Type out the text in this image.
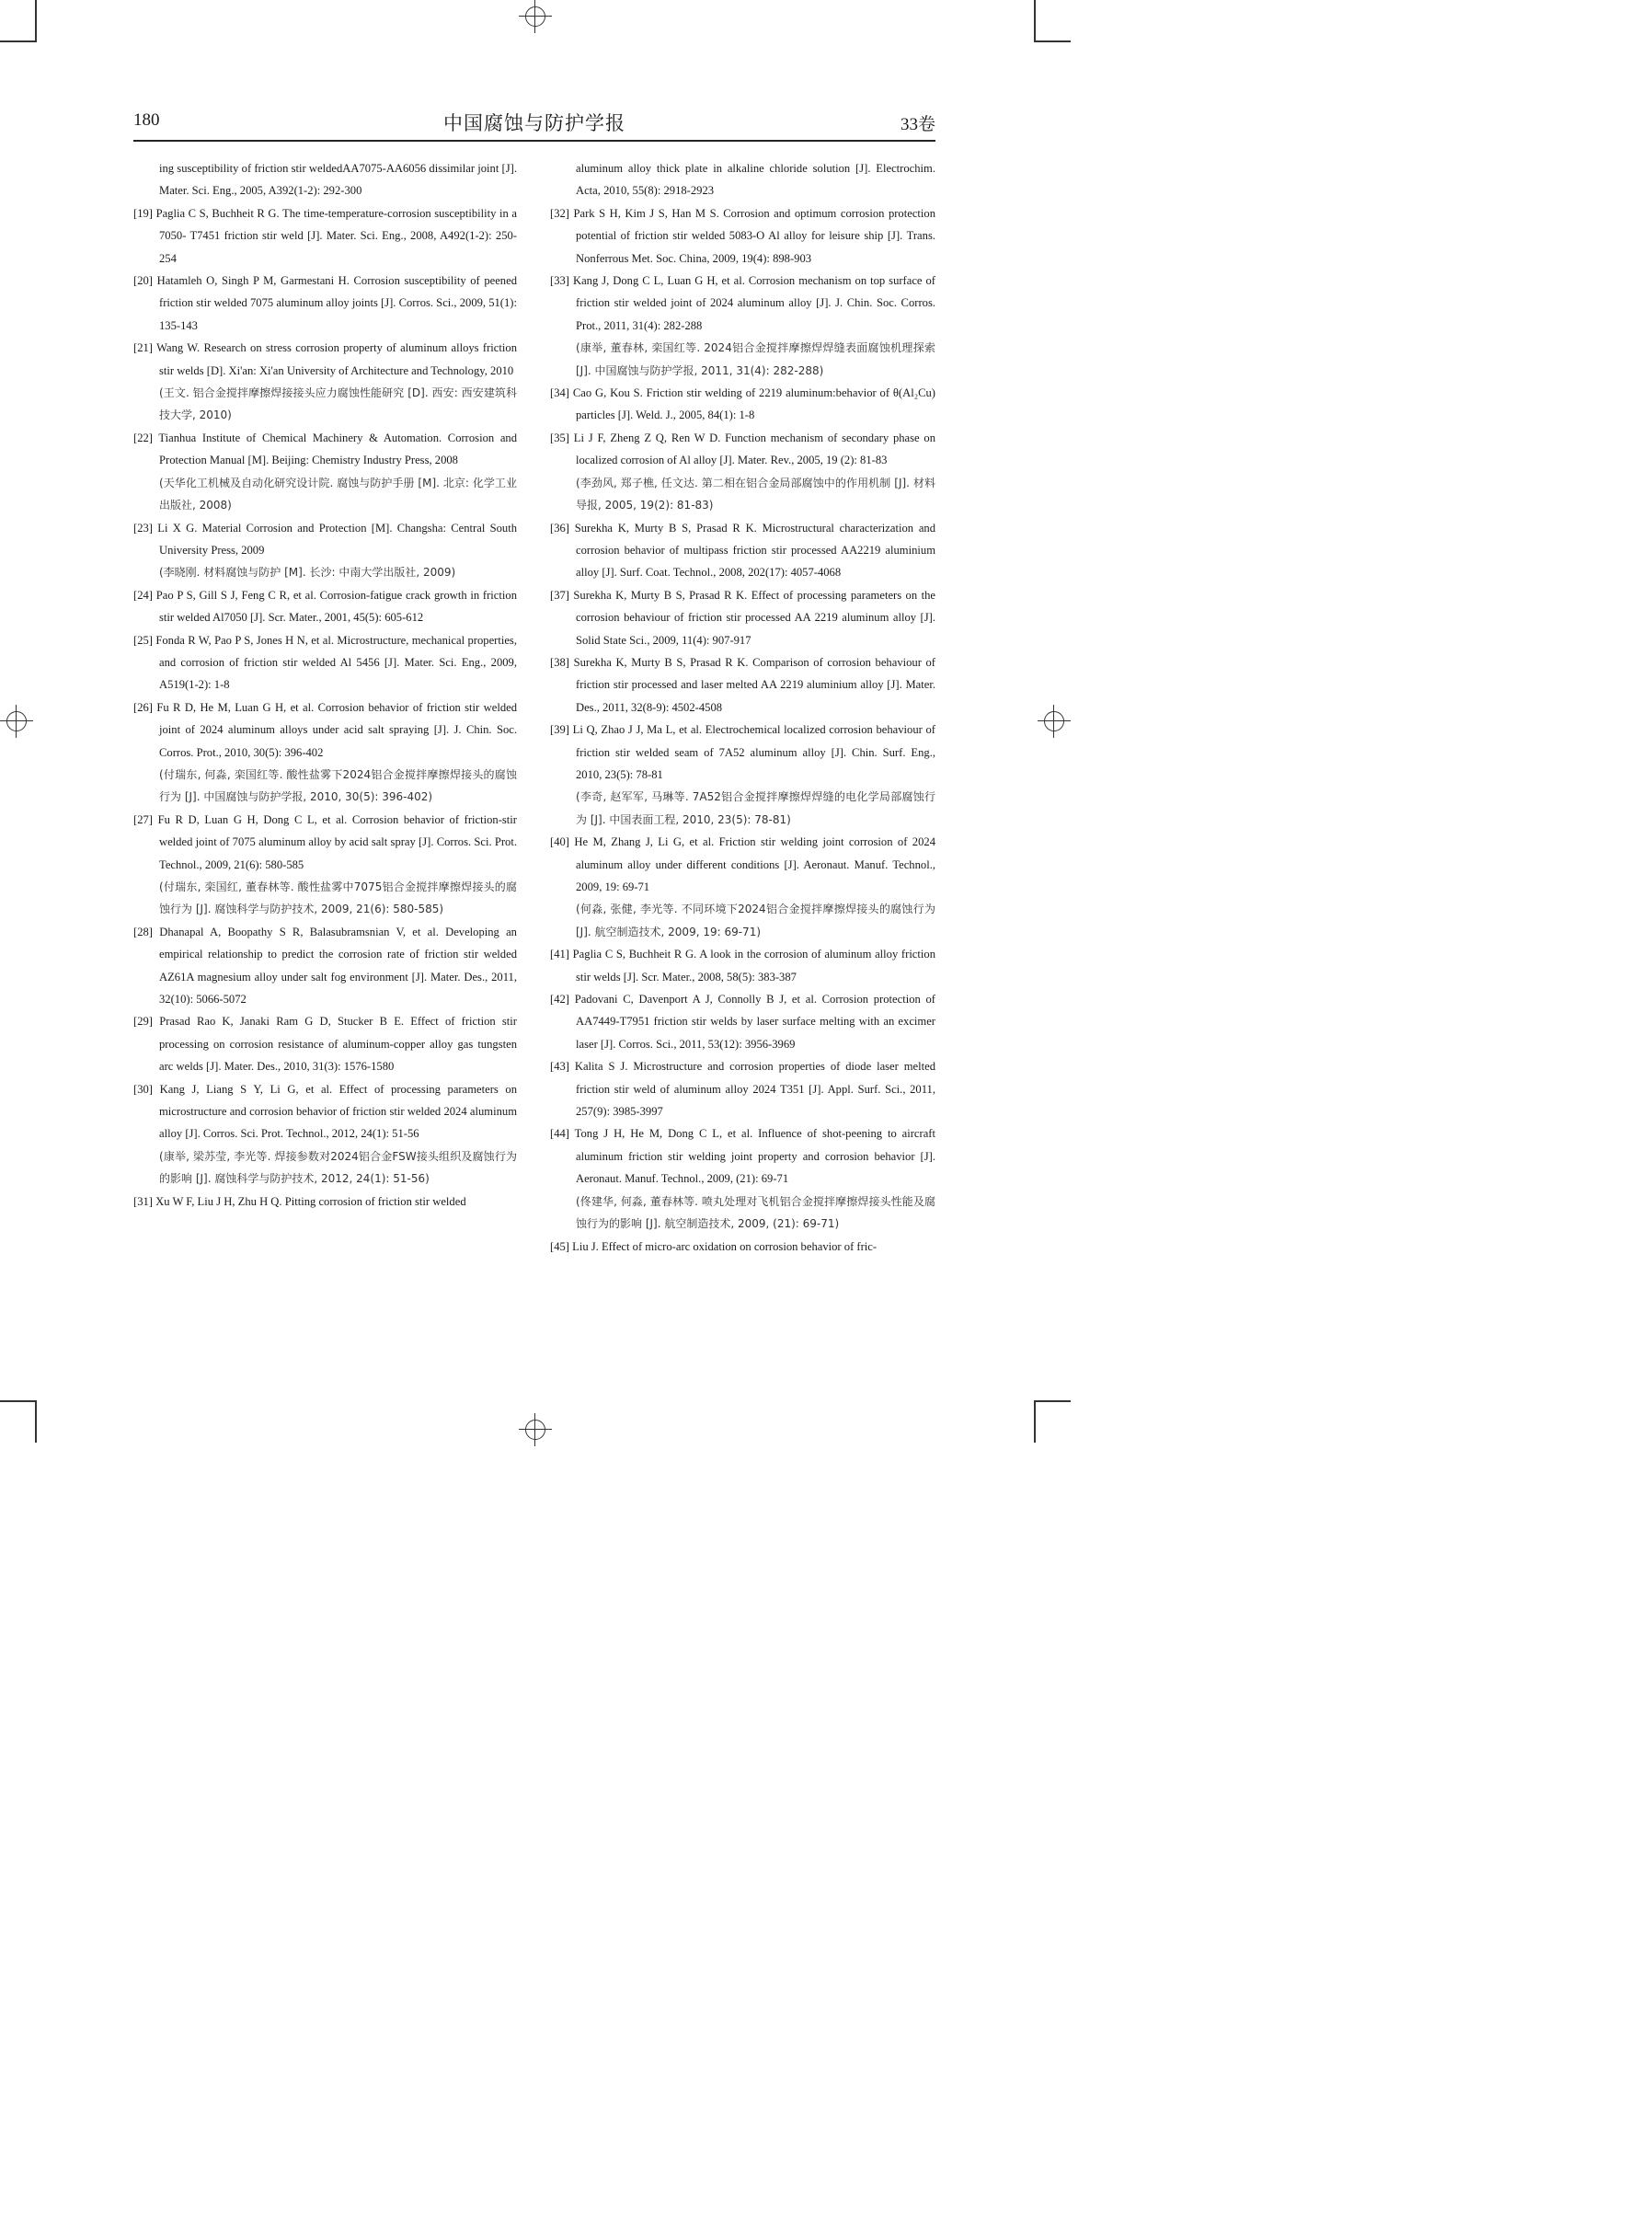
180	中国腐蚀与防护学报	33卷
ing susceptibility of friction stir weldedAA7075-AA6056 dissimilar joint [J]. Mater. Sci. Eng., 2005, A392(1-2): 292-300
[19] Paglia C S, Buchheit R G. The time-temperature-corrosion susceptibility in a 7050- T7451 friction stir weld [J]. Mater. Sci. Eng., 2008, A492(1-2): 250-254
[20] Hatamleh O, Singh P M, Garmestani H. Corrosion susceptibility of peened friction stir welded 7075 aluminum alloy joints [J]. Corros. Sci., 2009, 51(1): 135-143
[21] Wang W. Research on stress corrosion property of aluminum alloys friction stir welds [D]. Xi'an: Xi'an University of Architecture and Technology, 2010
(王文. 铝合金搅拌摩擦焊接接头应力腐蚀性能研究 [D]. 西安: 西安建筑科技大学, 2010)
[22] Tianhua Institute of Chemical Machinery & Automation. Corrosion and Protection Manual [M]. Beijing: Chemistry Industry Press, 2008
(天华化工机械及自动化研究设计院. 腐蚀与防护手册 [M]. 北京: 化学工业出版社, 2008)
[23] Li X G. Material Corrosion and Protection [M]. Changsha: Central South University Press, 2009
(李晓刚. 材料腐蚀与防护 [M]. 长沙: 中南大学出版社, 2009)
[24] Pao P S, Gill S J, Feng C R, et al. Corrosion-fatigue crack growth in friction stir welded Al7050 [J]. Scr. Mater., 2001, 45(5): 605-612
[25] Fonda R W, Pao P S, Jones H N, et al. Microstructure, mechanical properties, and corrosion of friction stir welded Al 5456 [J]. Mater. Sci. Eng., 2009, A519(1-2): 1-8
[26] Fu R D, He M, Luan G H, et al. Corrosion behavior of friction stir welded joint of 2024 aluminum alloys under acid salt spraying [J]. J. Chin. Soc. Corros. Prot., 2010, 30(5): 396-402
(付瑞东, 何淼, 栾国红等. 酸性盐雾下2024铝合金搅拌摩擦焊接头的腐蚀行为 [J]. 中国腐蚀与防护学报, 2010, 30(5): 396-402)
[27] Fu R D, Luan G H, Dong C L, et al. Corrosion behavior of friction-stir welded joint of 7075 aluminum alloy by acid salt spray [J]. Corros. Sci. Prot. Technol., 2009, 21(6): 580-585
(付瑞东, 栾国红, 董春林等. 酸性盐雾中7075铝合金搅拌摩擦焊接头的腐蚀行为 [J]. 腐蚀科学与防护技术, 2009, 21(6): 580-585)
[28] Dhanapal A, Boopathy S R, Balasubramsnian V, et al. Developing an empirical relationship to predict the corrosion rate of friction stir welded AZ61A magnesium alloy under salt fog environment [J]. Mater. Des., 2011, 32(10): 5066-5072
[29] Prasad Rao K, Janaki Ram G D, Stucker B E. Effect of friction stir processing on corrosion resistance of aluminum-copper alloy gas tungsten arc welds [J]. Mater. Des., 2010, 31(3): 1576-1580
[30] Kang J, Liang S Y, Li G, et al. Effect of processing parameters on microstructure and corrosion behavior of friction stir welded 2024 aluminum alloy [J]. Corros. Sci. Prot. Technol., 2012, 24(1): 51-56
(康举, 梁苏莹, 李光等. 焊接参数对2024铝合金FSW接头组织及腐蚀行为的影响 [J]. 腐蚀科学与防护技术, 2012, 24(1): 51-56)
[31] Xu W F, Liu J H, Zhu H Q. Pitting corrosion of friction stir welded
aluminum alloy thick plate in alkaline chloride solution [J]. Electrochim. Acta, 2010, 55(8): 2918-2923
[32] Park S H, Kim J S, Han M S. Corrosion and optimum corrosion protection potential of friction stir welded 5083-O Al alloy for leisure ship [J]. Trans. Nonferrous Met. Soc. China, 2009, 19(4): 898-903
[33] Kang J, Dong C L, Luan G H, et al. Corrosion mechanism on top surface of friction stir welded joint of 2024 aluminum alloy [J]. J. Chin. Soc. Corros. Prot., 2011, 31(4): 282-288
(康举, 董春林, 栾国红等. 2024铝合金搅拌摩擦焊焊缝表面腐蚀机理探索 [J]. 中国腐蚀与防护学报, 2011, 31(4): 282-288)
[34] Cao G, Kou S. Friction stir welding of 2219 aluminum:behavior of θ(Al₂Cu) particles [J]. Weld. J., 2005, 84(1): 1-8
[35] Li J F, Zheng Z Q, Ren W D. Function mechanism of secondary phase on localized corrosion of Al alloy [J]. Mater. Rev., 2005, 19 (2): 81-83
(李劲风, 郑子樵, 任文达. 第二相在铝合金局部腐蚀中的作用机制 [J]. 材料导报, 2005, 19(2): 81-83)
[36] Surekha K, Murty B S, Prasad R K. Microstructural characterization and corrosion behavior of multipass friction stir processed AA2219 aluminium alloy [J]. Surf. Coat. Technol., 2008, 202(17): 4057-4068
[37] Surekha K, Murty B S, Prasad R K. Effect of processing parameters on the corrosion behaviour of friction stir processed AA 2219 aluminum alloy [J]. Solid State Sci., 2009, 11(4): 907-917
[38] Surekha K, Murty B S, Prasad R K. Comparison of corrosion behaviour of friction stir processed and laser melted AA 2219 aluminium alloy [J]. Mater. Des., 2011, 32(8-9): 4502-4508
[39] Li Q, Zhao J J, Ma L, et al. Electrochemical localized corrosion behaviour of friction stir welded seam of 7A52 aluminum alloy [J]. Chin. Surf. Eng., 2010, 23(5): 78-81
(李奇, 赵军军, 马琳等. 7A52铝合金搅拌摩擦焊焊缝的电化学局部腐蚀行为 [J]. 中国表面工程, 2010, 23(5): 78-81)
[40] He M, Zhang J, Li G, et al. Friction stir welding joint corrosion of 2024 aluminum alloy under different conditions [J]. Aeronaut. Manuf. Technol., 2009, 19: 69-71
(何淼, 张健, 李光等. 不同环境下2024铝合金搅拌摩擦焊接头的腐蚀行为 [J]. 航空制造技术, 2009, 19: 69-71)
[41] Paglia C S, Buchheit R G. A look in the corrosion of aluminum alloy friction stir welds [J]. Scr. Mater., 2008, 58(5): 383-387
[42] Padovani C, Davenport A J, Connolly B J, et al. Corrosion protection of AA7449-T7951 friction stir welds by laser surface melting with an excimer laser [J]. Corros. Sci., 2011, 53(12): 3956-3969
[43] Kalita S J. Microstructure and corrosion properties of diode laser melted friction stir weld of aluminum alloy 2024 T351 [J]. Appl. Surf. Sci., 2011, 257(9): 3985-3997
[44] Tong J H, He M, Dong C L, et al. Influence of shot-peening to aircraft aluminum friction stir welding joint property and corrosion behavior [J]. Aeronaut. Manuf. Technol., 2009, (21): 69-71
(佟建华, 何淼, 董春林等. 喷丸处理对飞机铝合金搅拌摩擦焊接头性能及腐蚀行为的影响 [J]. 航空制造技术, 2009, (21): 69-71)
[45] Liu J. Effect of micro-arc oxidation on corrosion behavior of fric-
